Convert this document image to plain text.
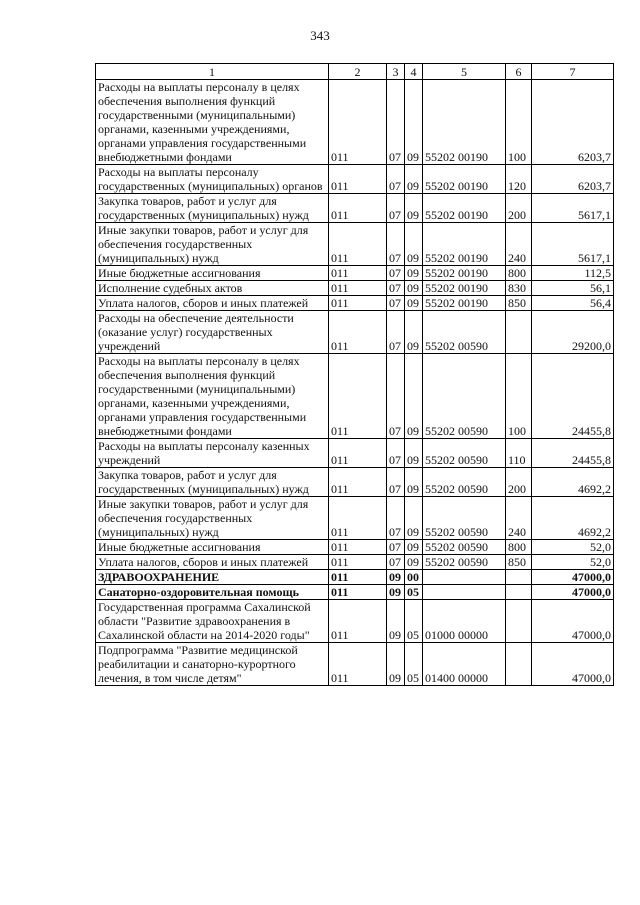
343
1	2	3	4	5	6	7
Расходы на выплаты персоналу в целях обеспечения выполнения функций государственными (муниципальными) органами, казенными учреждениями, органами управления государственными внебюджетными фондами	011	07	09	55202 00190	100	6203,7
Расходы на выплаты персоналу государственных (муниципальных) органов	011	07	09	55202 00190	120	6203,7
Закупка товаров, работ и услуг для государственных (муниципальных) нужд	011	07	09	55202 00190	200	5617,1
Иные закупки товаров, работ и услуг для обеспечения государственных (муниципальных) нужд	011	07	09	55202 00190	240	5617,1
Иные бюджетные ассигнования	011	07	09	55202 00190	800	112,5
Исполнение судебных актов	011	07	09	55202 00190	830	56,1
Уплата налогов, сборов и иных платежей	011	07	09	55202 00190	850	56,4
Расходы на обеспечение деятельности (оказание услуг) государственных учреждений	011	07	09	55202 00590		29200,0
Расходы на выплаты персоналу в целях обеспечения выполнения функций государственными (муниципальными) органами, казенными учреждениями, органами управления государственными внебюджетными фондами	011	07	09	55202 00590	100	24455,8
Расходы на выплаты персоналу казенных учреждений	011	07	09	55202 00590	110	24455,8
Закупка товаров, работ и услуг для государственных (муниципальных) нужд	011	07	09	55202 00590	200	4692,2
Иные закупки товаров, работ и услуг для обеспечения государственных (муниципальных) нужд	011	07	09	55202 00590	240	4692,2
Иные бюджетные ассигнования	011	07	09	55202 00590	800	52,0
Уплата налогов, сборов и иных платежей	011	07	09	55202 00590	850	52,0
ЗДРАВООХРАНЕНИЕ	011	09	00			47000,0
Санаторно-оздоровительная помощь	011	09	05			47000,0
Государственная программа Сахалинской области "Развитие здравоохранения в Сахалинской области на 2014-2020 годы"	011	09	05	01000 00000		47000,0
Подпрограмма "Развитие медицинской реабилитации и санаторно-курортного лечения, в том числе детям"	011	09	05	01400 00000		47000,0
